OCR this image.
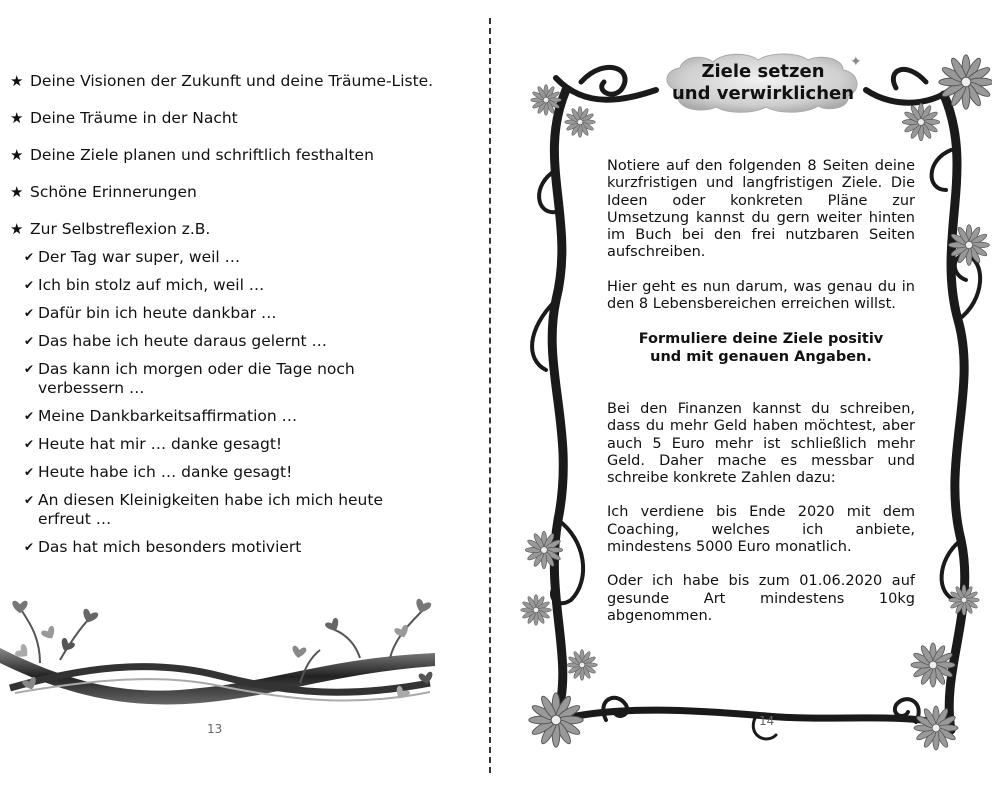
★ Deine Visionen der Zukunft und deine Träume-Liste.
★ Deine Träume in der Nacht
★ Deine Ziele planen und schriftlich festhalten
★ Schöne Erinnerungen
★ Zur Selbstreflexion z.B.
✔ Der Tag war super, weil …
✔ Ich bin stolz auf mich, weil …
✔ Dafür bin ich heute dankbar …
✔ Das habe ich heute daraus gelernt …
✔ Das kann ich morgen oder die Tage noch verbessern …
✔ Meine Dankbarkeitsaffirmation …
✔ Heute hat mir … danke gesagt!
✔ Heute habe ich … danke gesagt!
✔ An diesen Kleinigkeiten habe ich mich heute erfreut …
✔ Das hat mich besonders motiviert
13
✦
Ziele setzen
und verwirklichen

Notiere auf den folgenden 8 Seiten deine kurzfristigen und langfristigen Ziele. Die Ideen oder konkreten Pläne zur Umsetzung kannst du gern weiter hinten im Buch bei den frei nutzbaren Seiten aufschreiben.

Hier geht es nun darum, was genau du in den 8 Lebensbereichen erreichen willst.

Formuliere deine Ziele positiv
und mit genauen Angaben.

Bei den Finanzen kannst du schreiben, dass du mehr Geld haben möchtest, aber auch 5 Euro mehr ist schließlich mehr Geld. Daher mache es messbar und schreibe konkrete Zahlen dazu:

Ich verdiene bis Ende 2020 mit dem Coaching, welches ich anbiete, mindestens 5000 Euro monatlich.

Oder ich habe bis zum 01.06.2020 auf gesunde Art mindestens 10kg abgenommen.

14
